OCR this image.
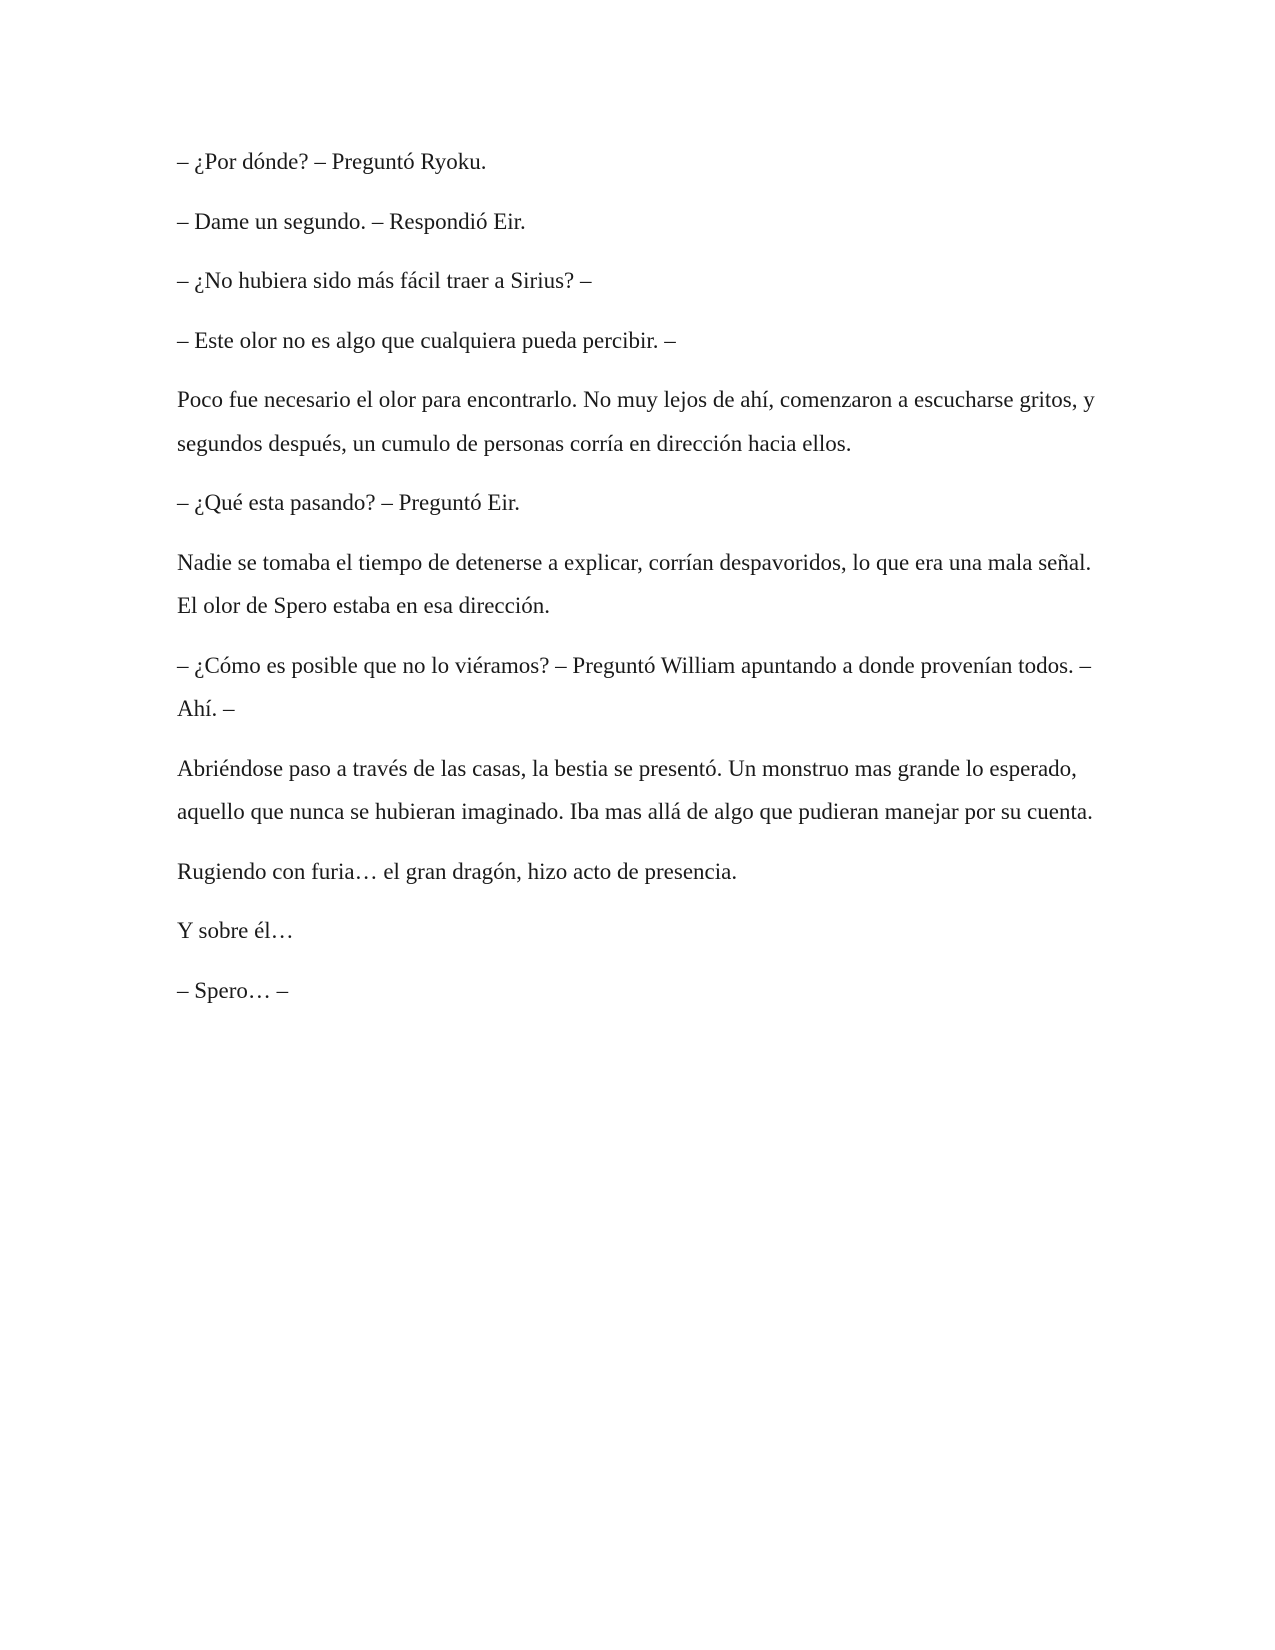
– ¿Por dónde? – Preguntó Ryoku.

– Dame un segundo. – Respondió Eir.

– ¿No hubiera sido más fácil traer a Sirius? –

– Este olor no es algo que cualquiera pueda percibir. –

Poco fue necesario el olor para encontrarlo. No muy lejos de ahí, comenzaron a escucharse gritos, y segundos después, un cumulo de personas corría en dirección hacia ellos.

– ¿Qué esta pasando? – Preguntó Eir.

Nadie se tomaba el tiempo de detenerse a explicar, corrían despavoridos, lo que era una mala señal. El olor de Spero estaba en esa dirección.

– ¿Cómo es posible que no lo viéramos? – Preguntó William apuntando a donde provenían todos. – Ahí. –

Abriéndose paso a través de las casas, la bestia se presentó. Un monstruo mas grande lo esperado, aquello que nunca se hubieran imaginado. Iba mas allá de algo que pudieran manejar por su cuenta.

Rugiendo con furia… el gran dragón, hizo acto de presencia.

Y sobre él…

– Spero… –
